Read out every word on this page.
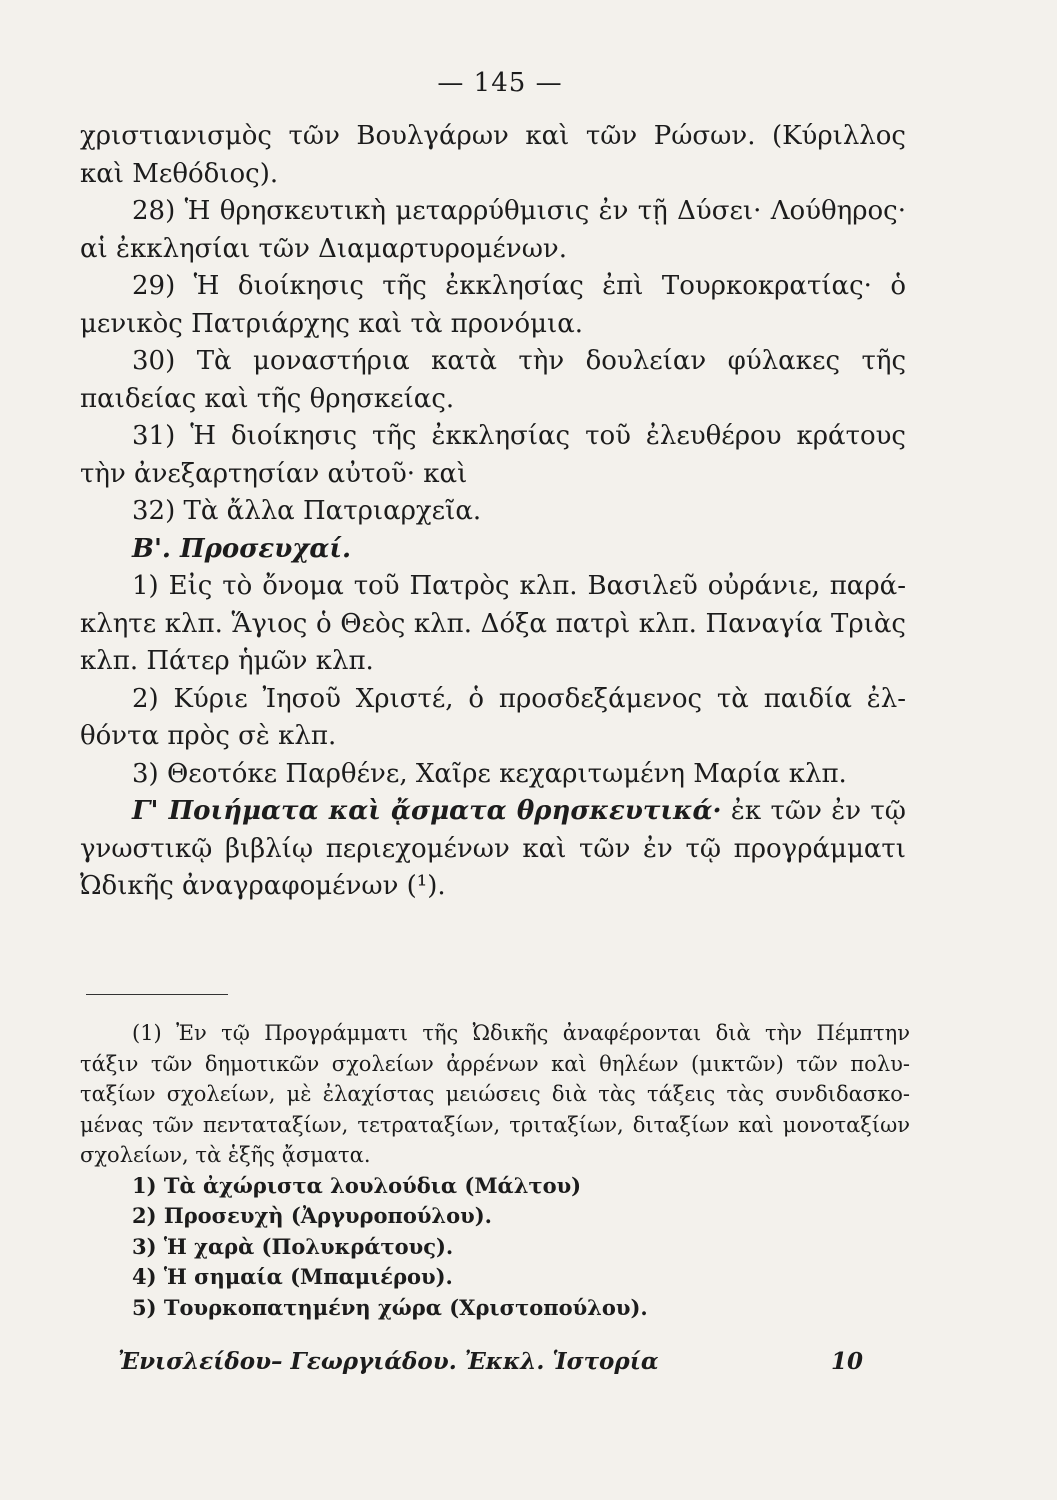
— 145 —
χριστιανισμὸς τῶν Βουλγάρων καὶ τῶν Ρώσων. (Κύριλλος
καὶ Μεθόδιος).
28) Ἡ θρησκευτικὴ μεταρρύθμισις ἐν τῇ Δύσει· Λούθηρος·
αἱ ἐκκλησίαι τῶν Διαμαρτυρομένων.
29) Ἡ διοίκησις τῆς ἐκκλησίας ἐπὶ Τουρκοκρατίας· ὁ
μενικὸς Πατριάρχης καὶ τὰ προνόμια.
30) Τὰ μοναστήρια κατὰ τὴν δουλείαν φύλακες τῆς
παιδείας καὶ τῆς θρησκείας.
31) Ἡ διοίκησις τῆς ἐκκλησίας τοῦ ἐλευθέρου κράτους
τὴν ἀνεξαρτησίαν αὐτοῦ· καὶ
32) Τὰ ἄλλα Πατριαρχεῖα.
Β'. Προσευχαί.
1) Εἰς τὸ ὄνομα τοῦ Πατρὸς κλπ. Βασιλεῦ οὐράνιε, παρά-
κλητε κλπ. Ἅγιος ὁ Θεὸς κλπ. Δόξα πατρὶ κλπ. Παναγία Τριὰς
κλπ. Πάτερ ἡμῶν κλπ.
2) Κύριε Ἰησοῦ Χριστέ, ὁ προσδεξάμενος τὰ παιδία ἐλ-
θόντα πρὸς σὲ κλπ.
3) Θεοτόκε Παρθένε, Χαῖρε κεχαριτωμένη Μαρία κλπ.
Γ' Ποιήματα καὶ ᾄσματα θρησκευτικά· ἐκ τῶν ἐν τῷ
γνωστικῷ βιβλίῳ περιεχομένων καὶ τῶν ἐν τῷ προγράμματι
Ὠδικῆς ἀναγραφομένων (¹).
(1) Ἐν τῷ Προγράμματι τῆς Ὠδικῆς ἀναφέρονται διὰ τὴν Πέμπτην
τάξιν τῶν δημοτικῶν σχολείων ἀρρένων καὶ θηλέων (μικτῶν) τῶν πολυ-
ταξίων σχολείων, μὲ ἐλαχίστας μειώσεις διὰ τὰς τάξεις τὰς συνδιδασκο-
μένας τῶν πενταταξίων, τετραταξίων, τριταξίων, διταξίων καὶ μονοταξίων
σχολείων, τὰ ἑξῆς ᾄσματα.
1) Τὰ ἀχώριστα λουλούδια (Μάλτου)
2) Προσευχὴ (Ἀργυροπούλου).
3) Ἡ χαρὰ (Πολυκράτους).
4) Ἡ σημαία (Μπαμιέρου).
5) Τουρκοπατημένη χώρα (Χριστοπούλου).
Ἐνισλείδου– Γεωργιάδου. Ἐκκλ. Ἱστορία	10
